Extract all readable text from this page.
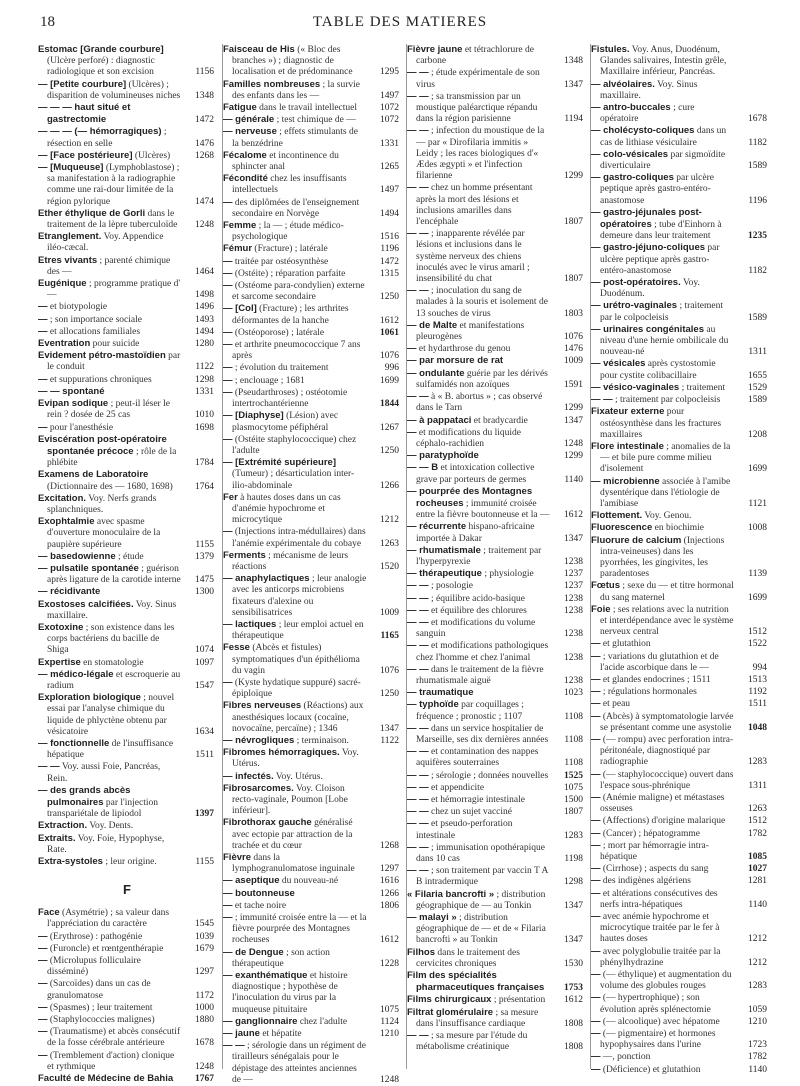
18	TABLE DES MATIERES
Estomac [Grande courbure] (Ulcère perforé) : diagnostic radiologique et son excision	1156
— [Petite courbure] (Ulcères) ; disparition de volumineuses niches 1348
— — — haut situé et gastrectomie	1472
— — — (— hémorragiques) ; résection en selle	1476
— [Face postérieure] (Ulcères)	1268
— [Muqueuse] (Lymphoblastose) ; sa manifestation à la radiographie comme une rai-dour limitée de la région pylorique	1474
Ether éthylique de Gorli dans le traitement de la lèpre tuberculoïde 1248
Etranglement. Voy. Appendice iléo-cæcal.
Etres vivants ; parenté chimique des —	1464
Eugénique ; programme pratique d' —	1498
— et biotypologie	1496
— ; son importance sociale	1493
— et allocations familiales	1494
Eventration pour suicide	1280
Evidement pétro-mastoïdien par le conduit	1122
— et suppurations chroniques	1298
— — spontané	1331
Evipan sodique ; peut-il léser le rein ? dosée de 25 cas	1010
— pour l'anesthésie	1698
Eviscération post-opératoire spontanée précoce ; rôle de la phlébite	1784
Examens de Laboratoire (Dictionnaire des — 1680, 1698) 1764
Excitation. Voy. Nerfs grands splanchniques.
Exophtalmie avec spasme d'ouverture monoculaire de la paupière supérieure	1155
— basedowienne ; étude	1379
— pulsatile spontanée ; guérison après ligature de la carotide interne 1475
— récidivante	1300
Exostoses calcifiées. Voy. Sinus maxillaire.
Exotoxine ; son existence dans les corps bactériens du bacille de Shiga	1074
Expertise en stomatologie	1097
— médico-légale et escroquerie au radium	1547
Exploration biologique ; nouvel essai par l'analyse chimique du liquide de phlyctène obtenu par vésicatoire	1634
— fonctionnelle de l'insuffisance hépatique	1511
— — Voy. aussi Foie, Pancréas, Rein.
— des grands abcès pulmonaires par l'injection transpariétale de lipiodol	1397
Extraction. Voy. Dents.
Extraits. Voy. Foie, Hypophyse, Rate.
Extra-systoles ; leur origine.	1155
F
Face (Asymétrie) ; sa valeur dans l'appréciation du caractère	1545
— (Erythrose) : pathogénie	1039
— (Furoncle) et rœntgenthérapie	1679
— (Microlupus folliculaire disséminé)	1297
— (Sarcoïdes) dans un cas de granulomatose	1172
— (Spasmes) ; leur traitement	1000
— (Staphylococcies malignes)	1880
— (Traumatisme) et abcès consécutif de la fosse cérébrale antérieure	1678
— (Tremblement d'action) clonique et rythmique	1248
Faculté de Médecine de Bahia 1767
Faisceau de His (« Bloc des branches ») ; diagnostic de localisation et de prédominance	1295
Familles nombreuses ; la survie des enfants dans les —	1497
Fatigue dans le travail intellectuel 1072
— générale ; test chimique de —	1072
— nerveuse ; effets stimulants de la benzédrine	1331
Fécalome et incontinence du sphincter anal	1265
Fécondité chez les insuffisants intellectuels	1497
— des diplômées de l'enseignement secondaire en Norvège	1494
Femme ; la — ; étude médico-psychologique	1516
Fémur (Fracture) ; latérale	1196
— traitée par ostéosynthèse	1472
— (Ostéite) ; réparation parfaite	1315
— (Ostéome para-condylien) externe et sarcome secondaire	1250
— [Col] (Fracture) ; les arthrites déformantes de la hanche	1612
— (Ostéoporose) ; latérale	1061
— et arthrite pneumococcique 7 ans après	1076
— ; évolution du traitement	996
— ; enclouage ; 1681	1699
— (Pseudarthroses) ; ostéotomie intertrochantérienne	1844
— [Diaphyse] (Lésion) avec plasmocytome péfiphéral	1267
— (Ostéite staphylococcique) chez l'adulte	1250
— [Extrémité supérieure] (Tumeur) ; désarticulation inter-ilio-abdominale	1266
Fer à hautes doses dans un cas d'anémie hypochrome et microcytique	1212
— (Injections intra-médullaires) dans l'anémie expérimentale du cobaye 1263
Ferments ; mécanisme de leurs réactions	1520
— anaphylactiques ; leur analogie avec les anticorps microbiens fixateurs d'alexine ou sensibilisatrices	1009
— lactiques ; leur emploi actuel en thérapeutique	1165
Fesse (Abcès et fistules) symptomatiques d'un épithélioma du vagin	1076
— (Kyste hydatique suppuré) sacré-épiploïque	1250
Fibres nerveuses (Réactions) aux anesthésiques locaux (cocaïne, novocaïne, percaïne) ; 1346	1347
— névrogliques ; terminaison.	1122
Fibromes hémorragiques. Voy. Utérus.
— infectés. Voy. Utérus.
Fibrosarcomes. Voy. Cloison recto-vaginale, Poumon [Lobe inférieur].
Fibrothorax gauche généralisé avec ectopie par attraction de la trachée et du cœur	1268
Fièvre dans la lymphogranulomatose inguinale	1297
— aseptique du nouveau-né	1616
— boutonneuse	1266
— et tache noire	1806
— ; immunité croisée entre la — et la fièvre pourprée des Montagnes rocheuses	1612
— de Dengue ; son action thérapeutique	1228
— exanthématique et histoire diagnostique ; hypothèse de l'inoculation du virus par la muqueuse pituitaire	1075
— ganglionnaire chez l'adulte	1124
— jaune et hépatite	1210
— — ; sérologie dans un régiment de tirailleurs sénégalais pour le dépistage des atteintes anciennes de —	1248
Fièvre jaune et tétrachlorure de carbone	1348
— — ; étude expérimentale de son virus	1347
— — ; sa transmission par un moustique paléarctique répandu dans la région parisienne	1194
— — ; infection du moustique de la — par « Dirofilaria immitis » Leidy ; les races biologiques d'« Ædes ægypti » et l'infection filarienne	1299
— — chez un homme présentant après la mort des lésions et inclusions amarilles dans l'encéphale	1807
— — ; inapparente révélée par lésions et inclusions dans le système nerveux des chiens inoculés avec le virus amaril ; insensibilité du chat	1807
— — ; inoculation du sang de malades à la souris et isolement de 13 souches de virus	1803
— de Malte et manifestations pleurogènes	1076
— et hydarthrose du genou	1476
— par morsure de rat	1009
— ondulante guérie par les dérivés sulfamidés non azoïques	1591
— — à « B. abortus » ; cas observé dans le Tarn	1299
— à pappataci et bradycardie	1347
— et modifications du liquide céphalo-rachidien	1248
— paratyphoïde	1299
— — B et intoxication collective grave par porteurs de germes	1140
— pourprée des Montagnes rocheuses ; immunité croisée entre la fièvre boutonneuse et la — 1612
— récurrente hispano-africaine importée à Dakar	1347
— rhumatismale ; traitement par l'hyperpyrexie	1238
— thérapeutique ; physiologie	1237
— — ; posologie	1237
— — ; équilibre acido-basique	1238
— — et équilibre des chlorures	1238
— — et modifications du volume sanguin	1238
— — et modifications pathologiques chez l'homme et chez l'animal	1238
— — dans le traitement de la fièvre rhumatismale aiguë	1238
— traumatique	1023
— typhoïde par coquillages ; fréquence ; pronostic ; 1107	1108
— — dans un service hospitalier de Marseille, ses dix dernières années 1108
— — et contamination des nappes aquifères souterraines	1108
— — ; sérologie ; données nouvelles 1525
— — et appendicite	1075
— — et hémorragie intestinale	1500
— — chez un sujet vacciné	1807
— — et pseudo-perforation intestinale	1283
— — ; immunisation opothérapique dans 10 cas	1198
— — ; son traitement par vaccin T A B intradermique	1298
« Filaria bancrofti » ; distribution géographique de — au Tonkin	1347
— malayi » ; distribution géographique de — et de « Filaria bancrofti » au Tonkin	1347
Filhos dans le traitement des cervicites chroniques	1530
Film des spécialités pharmaceutiques françaises 1753
Films chirurgicaux ; présentation 1612
Filtrat glomérulaire ; sa mesure dans l'insuffisance cardiaque	1808
— — ; sa mesure par l'étude du métabolisme créatinique	1808
Fistules. Voy. Anus, Duodénum, Glandes salivaires, Intestin grêle, Maxillaire inférieur, Pancréas.
— alvéolaires. Voy. Sinus maxillaire.
— antro-buccales ; cure opératoire	1678
— cholécysto-coliques dans un cas de lithiase vésiculaire	1182
— colo-vésicales par sigmoïdite diverticulaire	1589
— gastro-coliques par ulcère peptique après gastro-entéro-anastomose	1196
— gastro-jéjunales post-opératoires ; tube d'Einhorn à demeure dans leur traitement	1235
— gastro-jéjuno-coliques par ulcère peptique après gastro-entéro-anastomose	1182
— post-opératoires. Voy. Duodénum.
— urétro-vaginales ; traitement par le colpocleisis	1589
— urinaires congénitales au niveau d'une hernie ombilicale du nouveau-né	1311
— vésicales après cystostomie pour cystite colibacillaire	1655
— vésico-vaginales ; traitement 1529
— — ; traitement par colpocleisis	1589
Fixateur externe pour ostéosynthèse dans les fractures maxillaires	1208
Flore intestinale ; anomalies de la — et bile pure comme milieu d'isolement	1699
— microbienne associée à l'amibe dysentérique dans l'étiologie de l'amibiase	1121
Flottement. Voy. Genou.
Fluorescence en biochimie	1008
Fluorure de calcium (Injections intra-veineuses) dans les pyorrhées, les gingivites, les paradentoses	1139
Fœtus ; sexe du — et titre hormonal du sang maternel	1699
Foie ; ses relations avec la nutrition et interdépendance avec le système nerveux central	1512
— et glutathion	1522
— ; variations du glutathion et de l'acide ascorbique dans le —	994
— et glandes endocrines ; 1511	1513
— ; régulations hormonales	1192
— et peau	1511
— (Abcès) à symptomatologie larvée se présentant comme une asystolie 1048
— (— rompu) avec perforation intra-péritonéale, diagnostiqué par radiographie	1283
— (— staphylococcique) ouvert dans l'espace sous-phrénique	1311
— (Anémie maligne) et métastases osseuses	1263
— (Affections) d'origine malarique 1512
— (Cancer) ; hépatogramme	1782
— ; mort par hémorragie intra-hépatique	1085
— (Cirrhose) ; aspects du sang	1027
— des indigènes algériens	1281
— et altérations consécutives des nerfs intra-hépatiques	1140
— avec anémie hypochrome et microcytique traitée par le fer à hautes doses	1212
— avec polyglobulie traitée par la phénylhydrazine	1212
— (— éthylique) et augmentation du volume des globules rouges	1283
— (— hypertrophique) ; son évolution après splénectomie	1059
— (— alcoolique) avec hépatome	1210
— (— pigmentaire) et hormones hypophysaires dans l'urine	1723
— —, ponction	1782
— (Déficience) et glutathion	1140
